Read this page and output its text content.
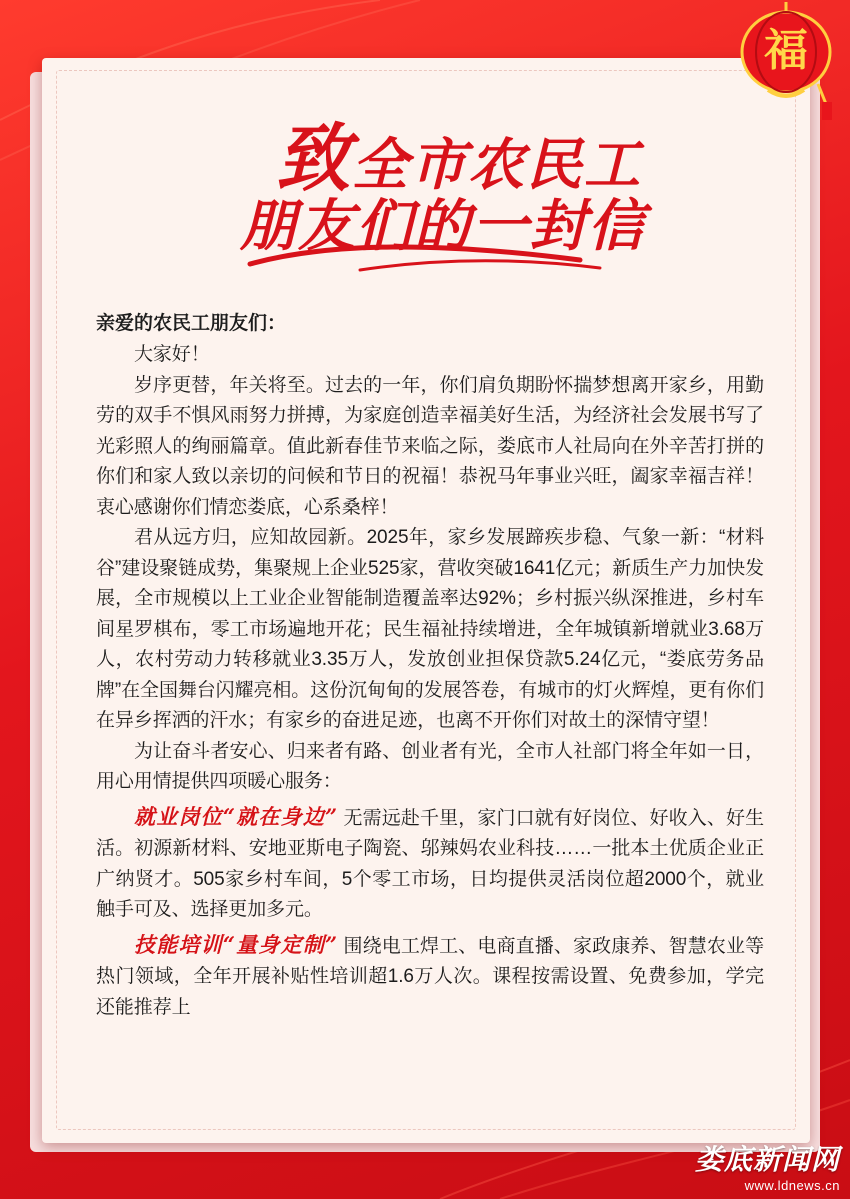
福
致全市农民工
朋友们的一封信
亲爱的农民工朋友们：

大家好！

岁序更替，年关将至。过去的一年，你们肩负期盼怀揣梦想离开家乡，用勤劳的双手不惧风雨努力拼搏，为家庭创造幸福美好生活，为经济社会发展书写了光彩照人的绚丽篇章。值此新春佳节来临之际，娄底市人社局向在外辛苦打拼的你们和家人致以亲切的问候和节日的祝福！恭祝马年事业兴旺，阖家幸福吉祥！衷心感谢你们情恋娄底，心系桑梓！

君从远方归，应知故园新。2025年，家乡发展蹄疾步稳、气象一新：“材料谷”建设聚链成势，集聚规上企业525家，营收突破1641亿元；新质生产力加快发展，全市规模以上工业企业智能制造覆盖率达92%；乡村振兴纵深推进，乡村车间星罗棋布，零工市场遍地开花；民生福祉持续增进，全年城镇新增就业3.68万人，农村劳动力转移就业3.35万人，发放创业担保贷款5.24亿元，“娄底劳务品牌”在全国舞台闪耀亮相。这份沉甸甸的发展答卷，有城市的灯火辉煌，更有你们在异乡挥洒的汗水；有家乡的奋进足迹，也离不开你们对故土的深情守望！

为让奋斗者安心、归来者有路、创业者有光，全市人社部门将全年如一日，用心用情提供四项暖心服务：

就业岗位“就在身边” 无需远赴千里，家门口就有好岗位、好收入、好生活。初源新材料、安地亚斯电子陶瓷、邬辣妈农业科技……一批本土优质企业正广纳贤才。505家乡村车间，5个零工市场，日均提供灵活岗位超2000个，就业触手可及、选择更加多元。

技能培训“量身定制” 围绕电工焊工、电商直播、家政康养、智慧农业等热门领域，全年开展补贴性培训超1.6万人次。课程按需设置、免费参加，学完还能推荐上

娄底新闻网
www.ldnews.cn
